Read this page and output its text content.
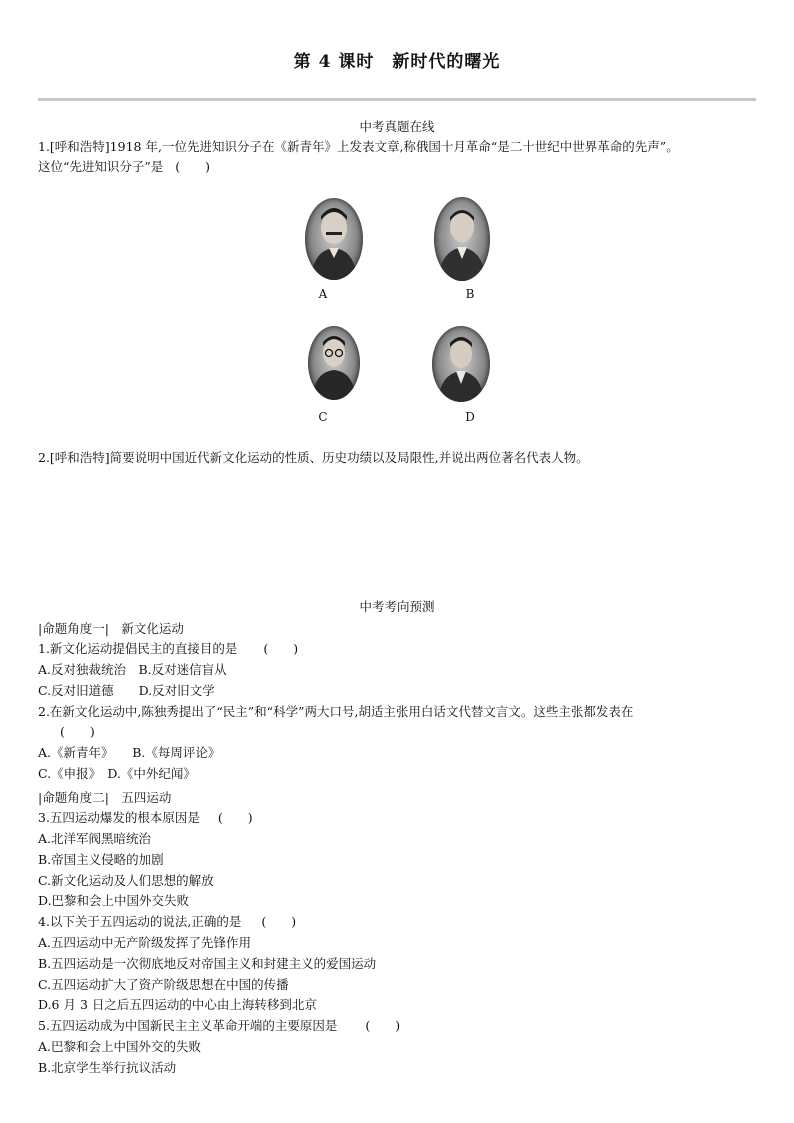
第 4 课时　新时代的曙光
中考真题在线
1.[呼和浩特]1918 年,一位先进知识分子在《新青年》上发表文章,称俄国十月革命“是二十世纪中世界革命的先声”。
这位“先进知识分子”是 (　　)
A	B
C	D
2.[呼和浩特]简要说明中国近代新文化运动的性质、历史功绩以及局限性,并说出两位著名代表人物。
中考考向预测
|命题角度一|　新文化运动
1.新文化运动提倡民主的直接目的是 (　　)
A.反对独裁统治　B.反对迷信盲从
C.反对旧道德　　D.反对旧文学
2.在新文化运动中,陈独秀提出了“民主”和“科学”两大口号,胡适主张用白话文代替文言文。这些主张都发表在
(　　)
A.《新青年》　　B.《每周评论》
C.《申报》　D.《中外纪闻》
|命题角度二|　五四运动
3.五四运动爆发的根本原因是 (　　)
A.北洋军阀黑暗统治
B.帝国主义侵略的加剧
C.新文化运动及人们思想的解放
D.巴黎和会上中国外交失败
4.以下关于五四运动的说法,正确的是 (　　)
A.五四运动中无产阶级发挥了先锋作用
B.五四运动是一次彻底地反对帝国主义和封建主义的爱国运动
C.五四运动扩大了资产阶级思想在中国的传播
D.6 月 3 日之后五四运动的中心由上海转移到北京
5.五四运动成为中国新民主主义革命开端的主要原因是 (　　)
A.巴黎和会上中国外交的失败
B.北京学生举行抗议活动
